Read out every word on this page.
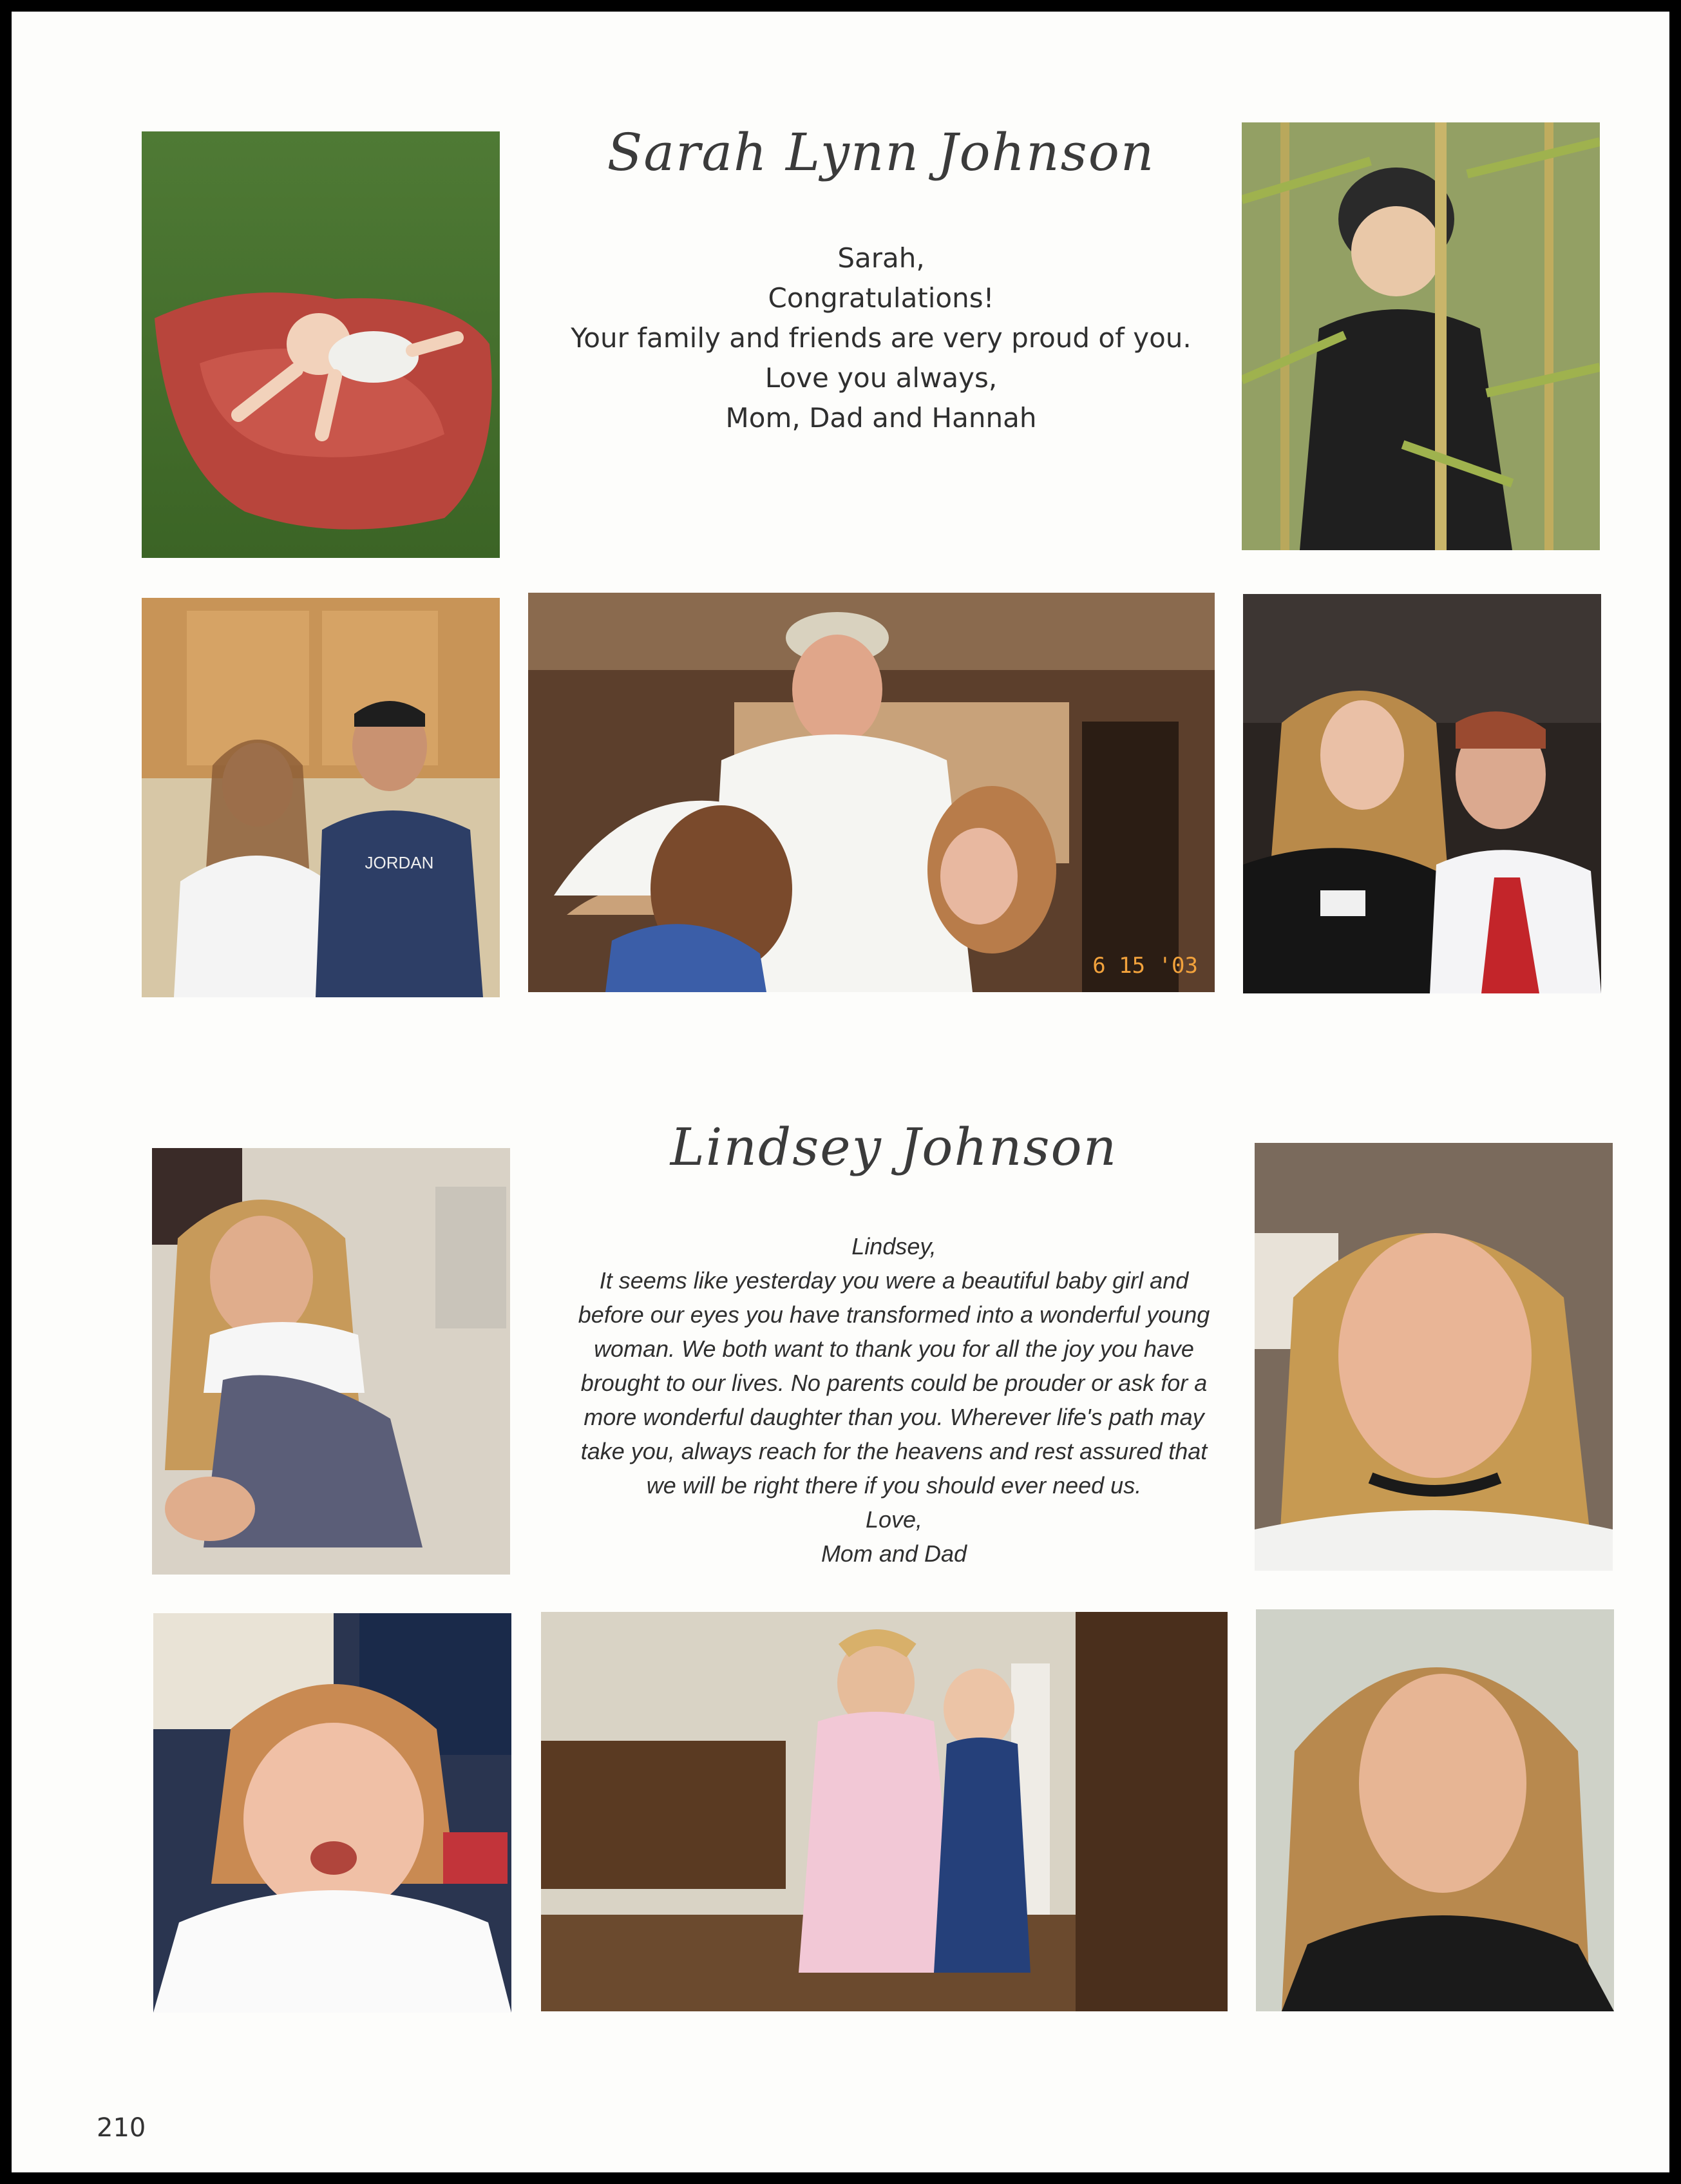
Sarah Lynn Johnson
Sarah,
Congratulations!
Your family and friends are very proud of you.
Love you always,
Mom, Dad and Hannah
JORDAN
6 15 '03
Lindsey Johnson
Lindsey,
It seems like yesterday you were a beautiful baby girl and
before our eyes you have transformed into a wonderful young
woman. We both want to thank you for all the joy you have
brought to our lives. No parents could be prouder or ask for a
more wonderful daughter than you. Wherever life's path may
take you, always reach for the heavens and rest assured that
we will be right there if you should ever need us.
Love,
Mom and Dad
210
